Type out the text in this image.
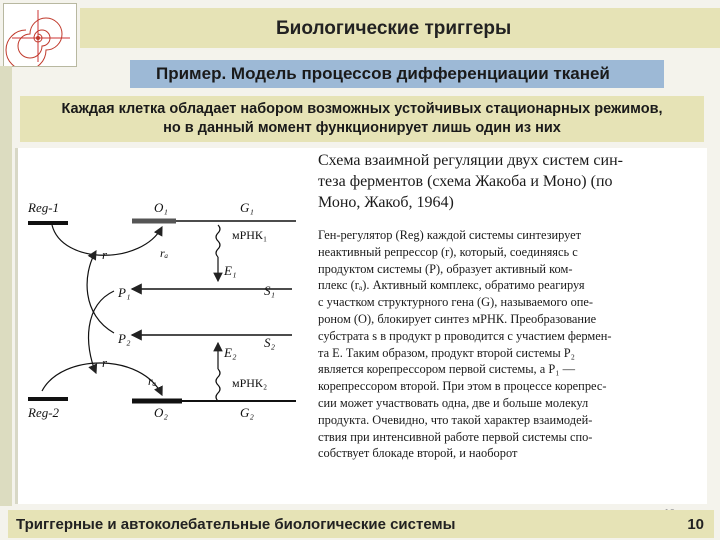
Биологические триггеры
Пример. Модель процессов дифференциации тканей
Каждая клетка обладает набором возможных устойчивых стационарных режимов,
но в данный момент функционирует лишь один из них
Reg-1	O₁	G₁
r	rₐ
мРНК₁
E₁
S₁
P₁
S₂
P₂
E₂
мРНК₂
r
rₐ
Reg-2	O₂	G₂
Схема взаимной регуляции двух систем син-
теза ферментов (схема Жакоба и Моно) (по
Моно, Жакоб, 1964)
Ген-регулятор (Reg) каждой системы синтезирует
неактивный репрессор (r), который, соединяясь с
продуктом системы (P), образует активный ком-
плекс (rₐ). Активный комплекс, обратимо реагируя
с участком структурного гена (G), называемого опе-
роном (O), блокирует синтез мРНК. Преобразование
субстрата s в продукт p проводится с участием фермен-
та E. Таким образом, продукт второй системы P₂
является корепрессором первой системы, а P₁ —
корепрессором второй. При этом в процессе корепрес-
сии может участвовать одна, две и больше молекул
продукта. Очевидно, что такой характер взаимодей-
ствия при интенсивной работе первой системы спо-
собствует блокаде второй, и наоборот
Триггерные и автоколебательные биологические системы	10
